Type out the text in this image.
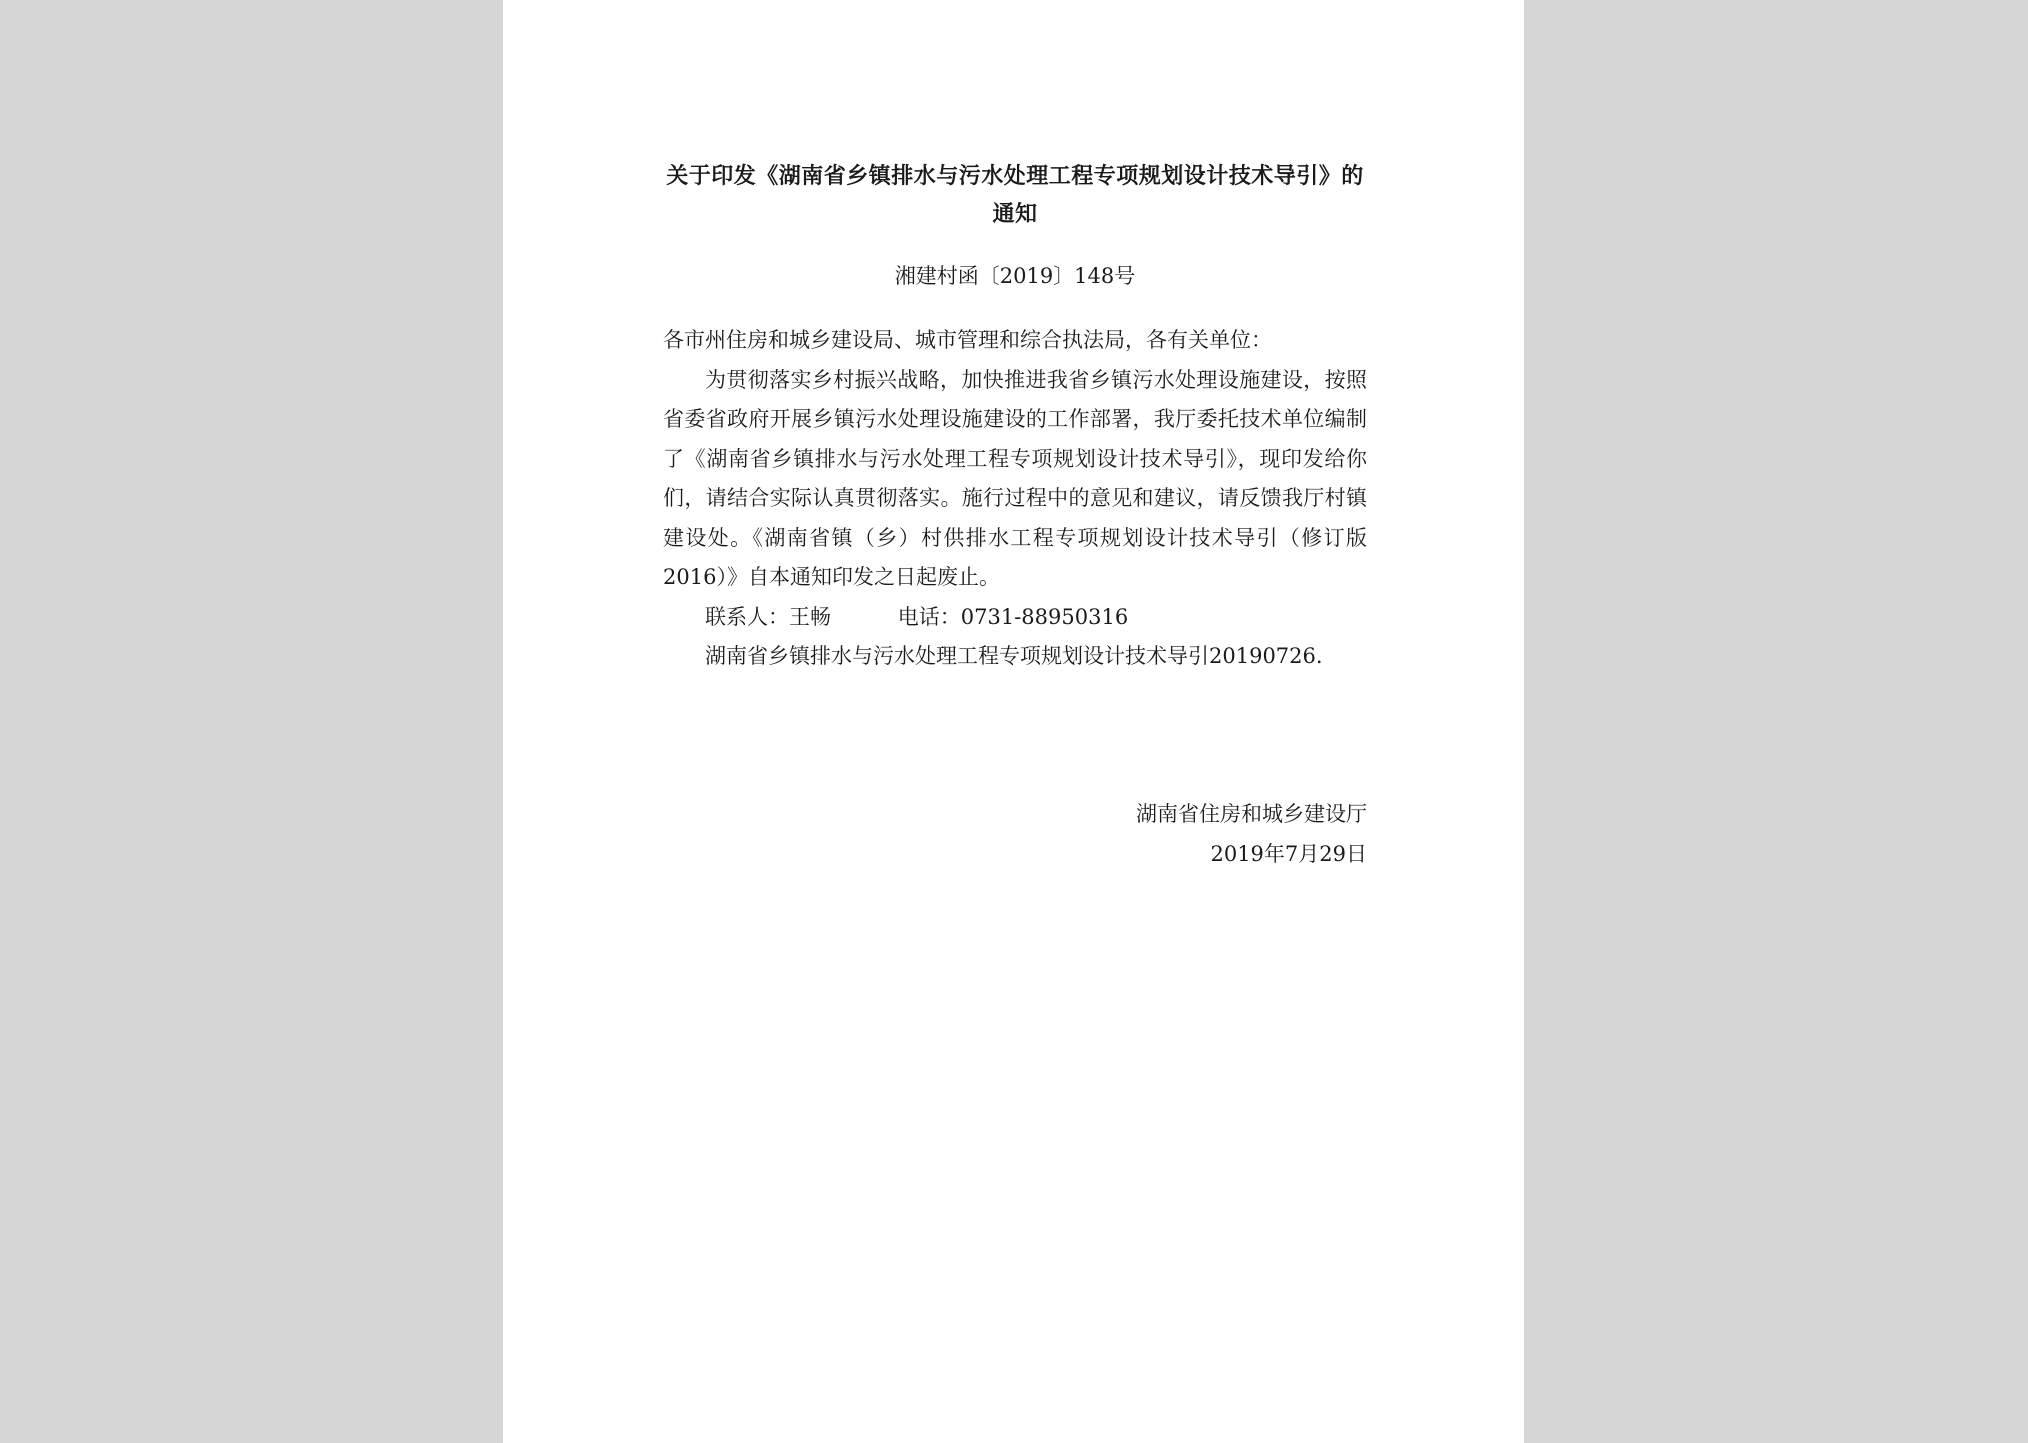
关于印发《湖南省乡镇排水与污水处理工程专项规划设计技术导引》的通知
湘建村函〔2019〕148号

各市州住房和城乡建设局、城市管理和综合执法局，各有关单位：

为贯彻落实乡村振兴战略，加快推进我省乡镇污水处理设施建设，按照省委省政府开展乡镇污水处理设施建设的工作部署，我厅委托技术单位编制了《湖南省乡镇排水与污水处理工程专项规划设计技术导引》，现印发给你们，请结合实际认真贯彻落实。施行过程中的意见和建议，请反馈我厅村镇建设处。《湖南省镇（乡）村供排水工程专项规划设计技术导引（修订版 2016）》自本通知印发之日起废止。

联系人：王畅	电话：0731-88950316

湖南省乡镇排水与污水处理工程专项规划设计技术导引20190726.

湖南省住房和城乡建设厅
2019年7月29日
